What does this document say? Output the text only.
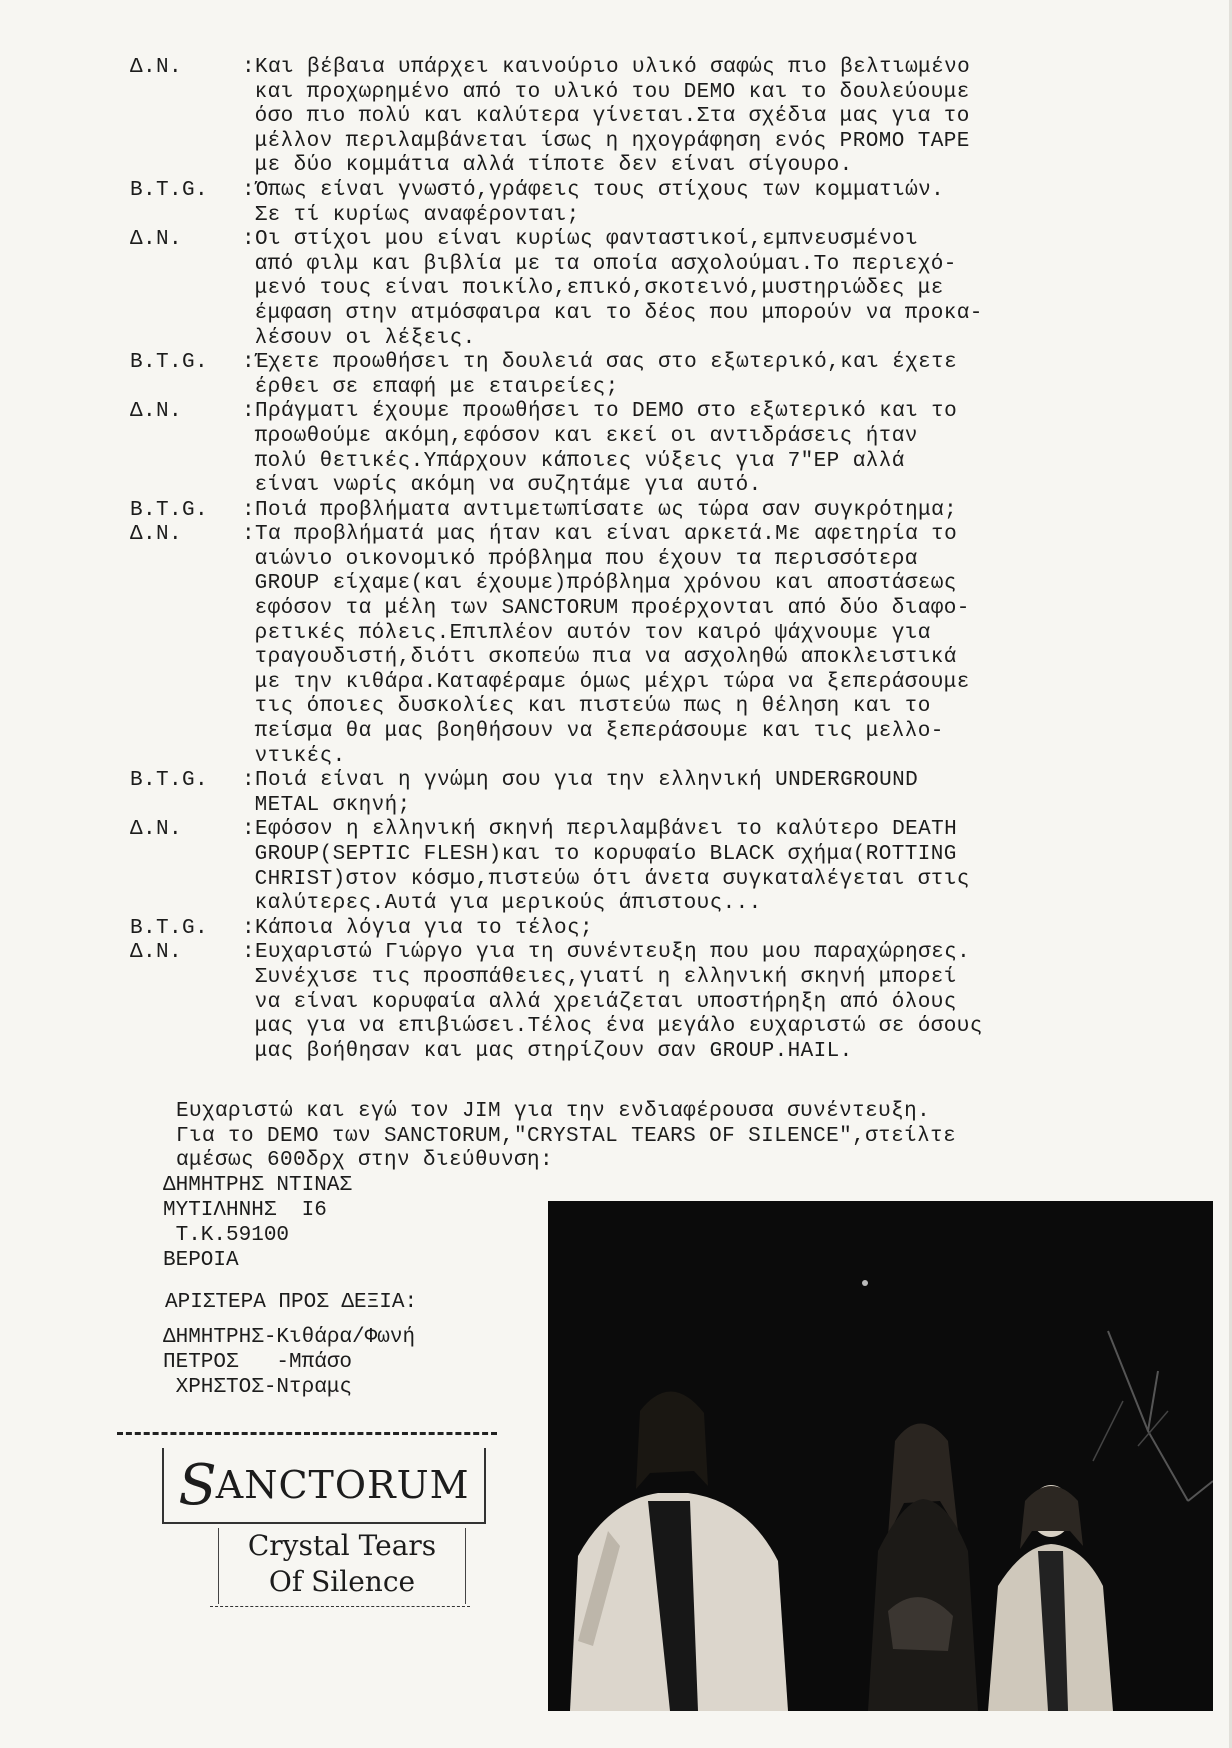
Δ.Ν.	:Και βέβαια υπάρχει καινούριο υλικό σαφώς πιο βελτιωμένο
και προχωρημένο από το υλικό του DEMO και το δουλεύουμε
όσο πιο πολύ και καλύτερα γίνεται.Στα σχέδια μας για το
μέλλον περιλαμβάνεται ίσως η ηχογράφηση ενός PROMO TAPE
με δύο κομμάτια αλλά τίποτε δεν είναι σίγουρο.
B.T.G.	:Όπως είναι γνωστό,γράφεις τους στίχους των κομματιών.
Σε τί κυρίως αναφέρονται;
Δ.Ν.	:Οι στίχοι μου είναι κυρίως φανταστικοί,εμπνευσμένοι
από φιλμ και βιβλία με τα οποία ασχολούμαι.Το περιεχό-
μενό τους είναι ποικίλο,επικό,σκοτεινό,μυστηριώδες με
έμφαση στην ατμόσφαιρα και το δέος που μπορούν να προκα-
λέσουν οι λέξεις.
B.T.G.	:Έχετε προωθήσει τη δουλειά σας στο εξωτερικό,και έχετε
έρθει σε επαφή με εταιρείες;
Δ.Ν.	:Πράγματι έχουμε προωθήσει το DEMO στο εξωτερικό και το
προωθούμε ακόμη,εφόσον και εκεί οι αντιδράσεις ήταν
πολύ θετικές.Υπάρχουν κάποιες νύξεις για 7"EP αλλά
είναι νωρίς ακόμη να συζητάμε για αυτό.
B.T.G.	:Ποιά προβλήματα αντιμετωπίσατε ως τώρα σαν συγκρότημα;
Δ.Ν.	:Τα προβλήματά μας ήταν και είναι αρκετά.Με αφετηρία το
αιώνιο οικονομικό πρόβλημα που έχουν τα περισσότερα
GROUP είχαμε(και έχουμε)πρόβλημα χρόνου και αποστάσεως
εφόσον τα μέλη των SANCTORUM προέρχονται από δύο διαφο-
ρετικές πόλεις.Επιπλέον αυτόν τον καιρό ψάχνουμε για
τραγουδιστή,διότι σκοπεύω πια να ασχοληθώ αποκλειστικά
με την κιθάρα.Καταφέραμε όμως μέχρι τώρα να ξεπεράσουμε
τις όποιες δυσκολίες και πιστεύω πως η θέληση και το
πείσμα θα μας βοηθήσουν να ξεπεράσουμε και τις μελλο-
ντικές.
B.T.G.	:Ποιά είναι η γνώμη σου για την ελληνική UNDERGROUND
METAL σκηνή;
Δ.Ν.	:Εφόσον η ελληνική σκηνή περιλαμβάνει το καλύτερο DEATH
GROUP(SEPTIC FLESH)και το κορυφαίο BLACK σχήμα(ROTTING
CHRIST)στον κόσμο,πιστεύω ότι άνετα συγκαταλέγεται στις
καλύτερες.Αυτά για μερικούς άπιστους...
B.T.G.	:Κάποια λόγια για το τέλος;
Δ.Ν.	:Ευχαριστώ Γιώργο για τη συνέντευξη που μου παραχώρησες.
Συνέχισε τις προσπάθειες,γιατί η ελληνική σκηνή μπορεί
να είναι κορυφαία αλλά χρειάζεται υποστήρηξη από όλους
μας για να επιβιώσει.Τέλος ένα μεγάλο ευχαριστώ σε όσους
μας βοήθησαν και μας στηρίζουν σαν GROUP.HAIL.
Ευχαριστώ και εγώ τον JIM για την ενδιαφέρουσα συνέντευξη.
Για το DEMO των SANCTORUM,"CRYSTAL TEARS OF SILENCE",στείλτε
αμέσως 600δρχ στην διεύθυνση:
ΔΗΜΗΤΡΗΣ ΝΤΙΝΑΣ
ΜΥΤΙΛΗΝΗΣ  I6
Τ.Κ.59100
ΒΕΡΟΙΑ
ΑΡΙΣΤΕΡΑ ΠΡΟΣ ΔΕΞΙΑ:
ΔΗΜΗΤΡΗΣ-Κιθάρα/Φωνή
ΠΕΤΡΟΣ   -Μπάσο
ΧΡΗΣΤΟΣ-Ντραμς
S
ANCTORUM
Crystal Tears
Of Silence
